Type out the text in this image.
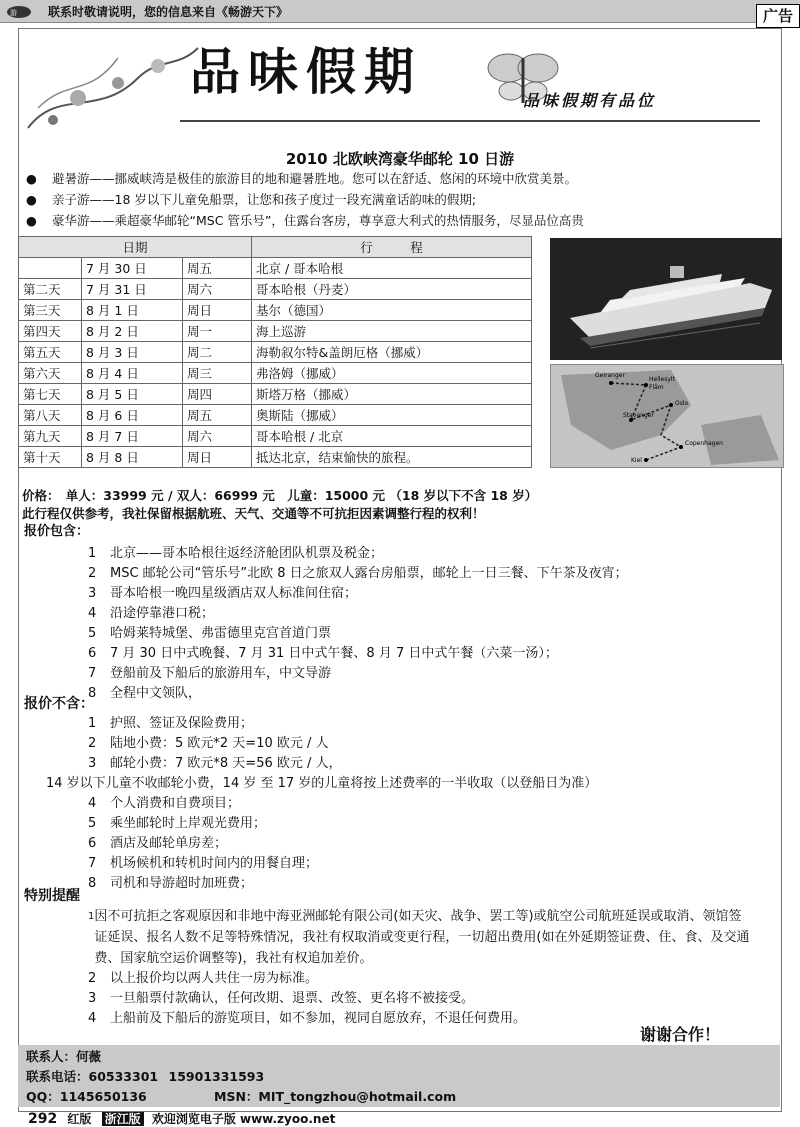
游	联系时敬请说明，您的信息来自《畅游天下》	广告
品味假期	品味假期有品位
2010 北欧峡湾豪华邮轮 10 日游
●	避暑游——挪威峡湾是极佳的旅游目的地和避暑胜地。您可以在舒适、悠闲的环境中欣赏美景。
●	亲子游——18 岁以下儿童免船票，让您和孩子度过一段充满童话韵味的假期;
●	豪华游——乘超豪华邮轮“MSC 管乐号”，住露台客房，尊享意大利式的热情服务，尽显品位高贵
日期			行　　　程
	7 月 30 日	周五	北京 / 哥本哈根
第二天	7 月 31 日	周六	哥本哈根（丹麦）
第三天	8 月 1 日	周日	基尔（德国）
第四天	8 月 2 日	周一	海上巡游
第五天	8 月 3 日	周二	海勒叙尔特&盖朗厄格（挪威）
第六天	8 月 4 日	周三	弗洛姆（挪威）
第七天	8 月 5 日	周四	斯塔万格（挪威）
第八天	8 月 6 日	周五	奥斯陆（挪威）
第九天	8 月 7 日	周六	哥本哈根 / 北京
第十天	8 月 8 日	周日	抵达北京，结束愉快的旅程。
Geiranger
Hellesylt
Flåm
Stavanger
Oslo
Copenhagen
Kiel
价格：　单人：33999 元 / 双人：66999 元　儿童：15000 元 （18 岁以下不含 18 岁）
此行程仅供参考，我社保留根据航班、天气、交通等不可抗拒因素调整行程的权利！
报价包含：
1	北京——哥本哈根往返经济舱团队机票及税金；
2	MSC 邮轮公司“管乐号”北欧 8 日之旅双人露台房船票，邮轮上一日三餐、下午茶及夜宵；
3	哥本哈根一晚四星级酒店双人标准间住宿；
4	沿途停靠港口税；
5	哈姆莱特城堡、弗雷德里克宫首道门票
6	7 月 30 日中式晚餐、7 月 31 日中式午餐、8 月 7 日中式午餐（六菜一汤）；
7	登船前及下船后的旅游用车，中文导游
8	全程中文领队，
报价不含：
1	护照、签证及保险费用；
2	陆地小费：5 欧元*2 天=10 欧元 / 人
3	邮轮小费：7 欧元*8 天=56 欧元 / 人，
14 岁以下儿童不收邮轮小费，14 岁 至 17 岁的儿童将按上述费率的一半收取（以登船日为准）
4	个人消费和自费项目；
5	乘坐邮轮时上岸观光费用；
6	酒店及邮轮单房差；
7	机场候机和转机时间内的用餐自理；
8	司机和导游超时加班费；
特别提醒
1 因不可抗拒之客观原因和非地中海亚洲邮轮有限公司(如天灾、战争、罢工等)或航空公司航班延误或取消、领馆签证延误、报名人数不足等特殊情况，我社有权取消或变更行程，一切超出费用(如在外延期签证费、住、食、及交通费、国家航空运价调整等)，我社有权追加差价。
2	以上报价均以两人共住一房为标准。
3	一旦船票付款确认，任何改期、退票、改签、更名将不被接受。
4	上船前及下船后的游览项目，如不参加，视同自愿放弃，不退任何费用。
谢谢合作！
联系人：何薇
联系电话： 60533301 15901331593
QQ：1145650136	MSN：MIT_tongzhou@hotmail.com
292 红版 浙江版 欢迎浏览电子版 www.zyoo.net
